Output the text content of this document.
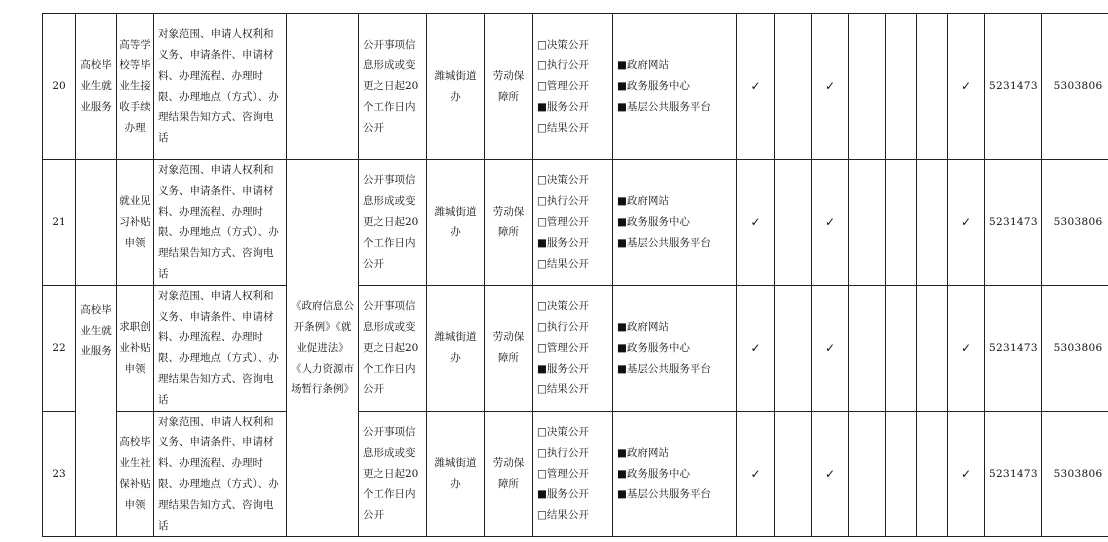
20	高校毕业生就业服务	高等学校等毕业生接收手续办理	对象范围、申请人权利和义务、申请条件、申请材料、办理流程、办理时限、办理地点（方式）、办理结果告知方式、咨询电话		公开事项信息形成或变更之日起20个工作日内公开	潍城街道办	劳动保障所	□决策公开
□执行公开
□管理公开
■服务公开
□结果公开	■政府网站
■政务服务中心
■基层公共服务平台	✓		✓				✓	5231473	5303806
21		就业见习补贴申领	对象范围、申请人权利和义务、申请条件、申请材料、办理流程、办理时限、办理地点（方式）、办理结果告知方式、咨询电话	《政府信息公开条例》《就业促进法》《人力资源市场暂行条例》	公开事项信息形成或变更之日起20个工作日内公开	潍城街道办	劳动保障所	□决策公开
□执行公开
□管理公开
■服务公开
□结果公开	■政府网站
■政务服务中心
■基层公共服务平台	✓		✓				✓	5231473	5303806
22	高校毕业生就业服务	求职创业补贴申领	对象范围、申请人权利和义务、申请条件、申请材料、办理流程、办理时限、办理地点（方式）、办理结果告知方式、咨询电话		公开事项信息形成或变更之日起20个工作日内公开	潍城街道办	劳动保障所	□决策公开
□执行公开
□管理公开
■服务公开
□结果公开	■政府网站
■政务服务中心
■基层公共服务平台	✓		✓				✓	5231473	5303806
23		高校毕业生社保补贴申领	对象范围、申请人权利和义务、申请条件、申请材料、办理流程、办理时限、办理地点（方式）、办理结果告知方式、咨询电话		公开事项信息形成或变更之日起20个工作日内公开	潍城街道办	劳动保障所	□决策公开
□执行公开
□管理公开
■服务公开
□结果公开	■政府网站
■政务服务中心
■基层公共服务平台	✓		✓				✓	5231473	5303806
